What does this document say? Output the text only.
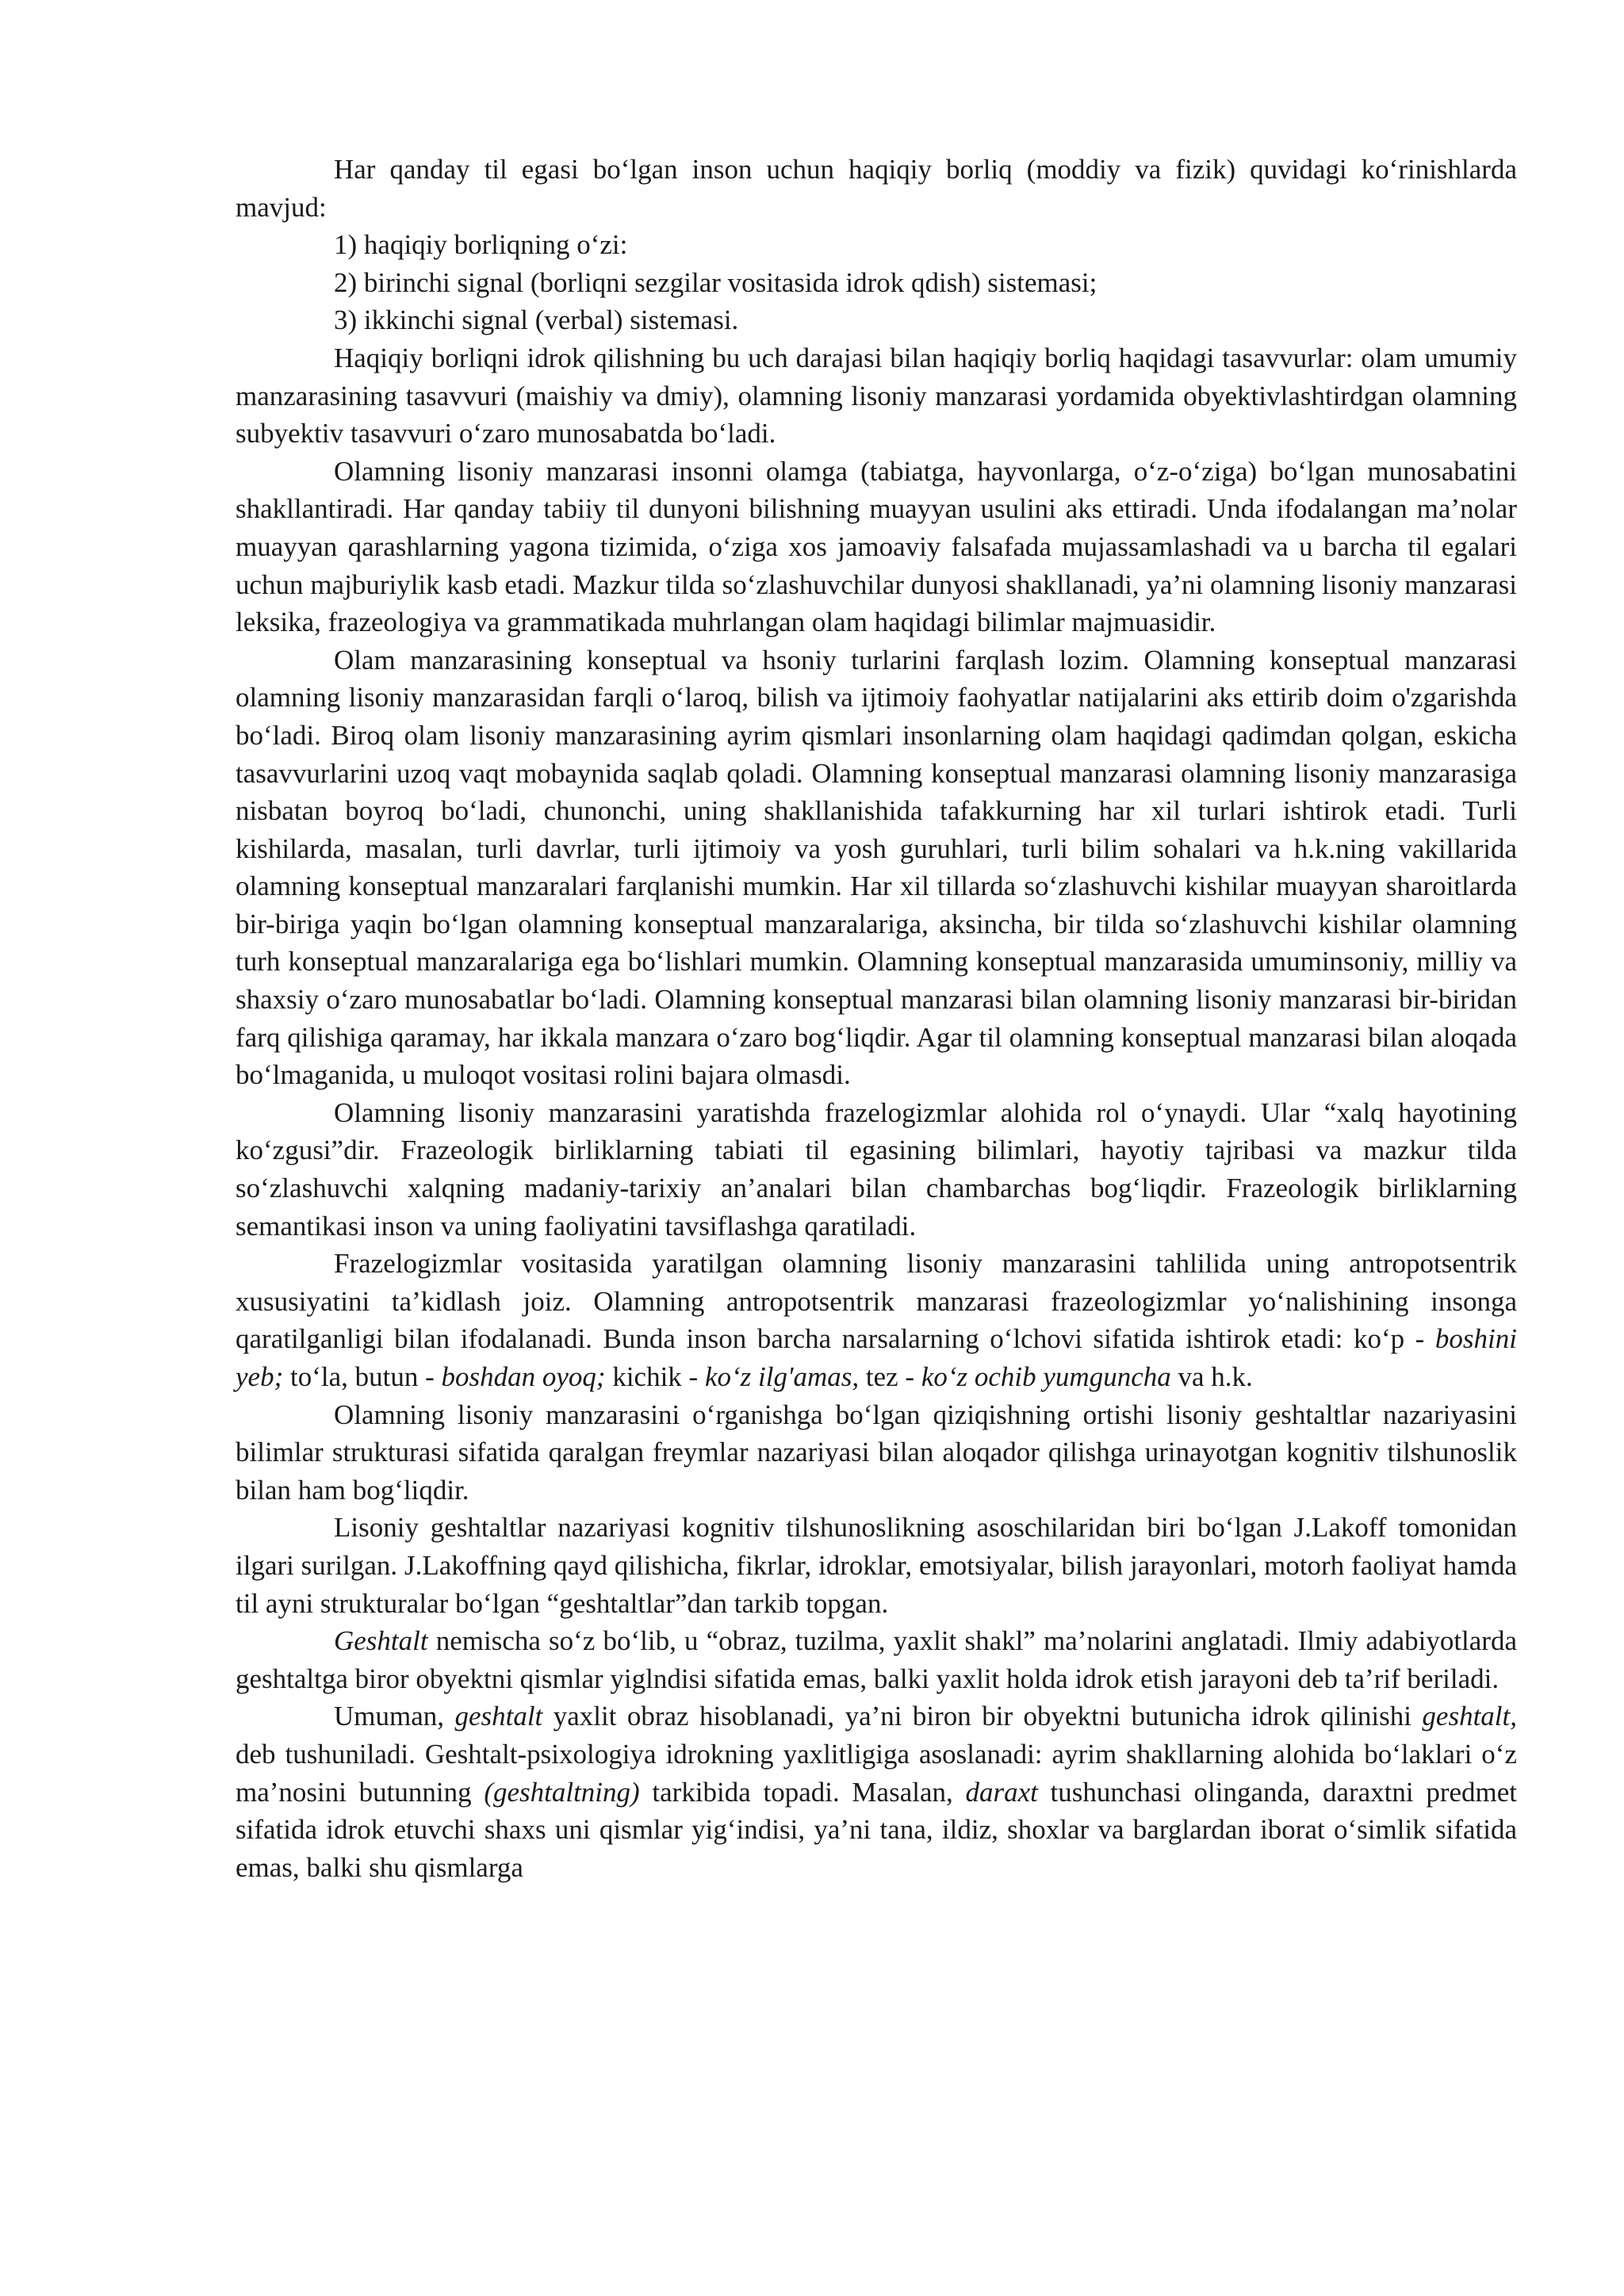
Har qanday til egasi bo‘lgan inson uchun haqiqiy borliq (moddiy va fizik) quvidagi ko‘rinishlarda mavjud:

1) haqiqiy borliqning o‘zi:

2) birinchi signal (borliqni sezgilar vositasida idrok qdish) sistemasi;

3) ikkinchi signal (verbal) sistemasi.

Haqiqiy borliqni idrok qilishning bu uch darajasi bilan haqiqiy borliq haqidagi tasavvurlar: olam umumiy manzarasining tasavvuri (maishiy va dmiy), olamning lisoniy manzarasi yordamida obyektivlashtirdgan olamning subyektiv tasavvuri o‘zaro munosabatda bo‘ladi.

Olamning lisoniy manzarasi insonni olamga (tabiatga, hayvonlarga, o‘z-o‘ziga) bo‘lgan munosabatini shakllantiradi. Har qanday tabiiy til dunyoni bilishning muayyan usulini aks ettiradi. Unda ifodalangan ma’nolar muayyan qarashlarning yagona tizimida, o‘ziga xos jamoaviy falsafada mujassamlashadi va u barcha til egalari uchun majburiylik kasb etadi. Mazkur tilda so‘zlashuvchilar dunyosi shakllanadi, ya’ni olamning lisoniy manzarasi leksika, frazeologiya va grammatikada muhrlangan olam haqidagi bilimlar majmuasidir.

Olam manzarasining konseptual va hsoniy turlarini farqlash lozim. Olamning konseptual manzarasi olamning lisoniy manzarasidan farqli o‘laroq, bilish va ijtimoiy faohyatlar natijalarini aks ettirib doim o'zgarishda bo‘ladi. Biroq olam lisoniy manzarasining ayrim qismlari insonlarning olam haqidagi qadimdan qolgan, eskicha tasavvurlarini uzoq vaqt mobaynida saqlab qoladi. Olamning konseptual manzarasi olamning lisoniy manzarasiga nisbatan boyroq bo‘ladi, chunonchi, uning shakllanishida tafakkurning har xil turlari ishtirok etadi. Turli kishilarda, masalan, turli davrlar, turli ijtimoiy va yosh guruhlari, turli bilim sohalari va h.k.ning vakillarida olamning konseptual manzaralari farqlanishi mumkin. Har xil tillarda so‘zlashuvchi kishilar muayyan sharoitlarda bir-biriga yaqin bo‘lgan olamning konseptual manzaralariga, aksincha, bir tilda so‘zlashuvchi kishilar olamning turh konseptual manzaralariga ega bo‘lishlari mumkin. Olamning konseptual manzarasida umuminsoniy, milliy va shaxsiy o‘zaro munosabatlar bo‘ladi. Olamning konseptual manzarasi bilan olamning lisoniy manzarasi bir-biridan farq qilishiga qaramay, har ikkala manzara o‘zaro bog‘liqdir. Agar til olamning konseptual manzarasi bilan aloqada bo‘lmaganida, u muloqot vositasi rolini bajara olmasdi.

Olamning lisoniy manzarasini yaratishda frazelogizmlar alohida rol o‘ynaydi. Ular “xalq hayotining ko‘zgusi”dir. Frazeologik birliklarning tabiati til egasining bilimlari, hayotiy tajribasi va mazkur tilda so‘zlashuvchi xalqning madaniy-tarixiy an’analari bilan chambarchas bog‘liqdir. Frazeologik birliklarning semantikasi inson va uning faoliyatini tavsiflashga qaratiladi.

Frazelogizmlar vositasida yaratilgan olamning lisoniy manzarasini tahlilida uning antropotsentrik xususiyatini ta’kidlash joiz. Olamning antropotsentrik manzarasi frazeologizmlar yo‘nalishining insonga qaratilganligi bilan ifodalanadi. Bunda inson barcha narsalarning o‘lchovi sifatida ishtirok etadi: ko‘p - boshini yeb; to‘la, butun - boshdan oyoq; kichik - ko‘z ilg'amas, tez - ko‘z ochib yumguncha va h.k.

Olamning lisoniy manzarasini o‘rganishga bo‘lgan qiziqishning ortishi lisoniy geshtaltlar nazariyasini bilimlar strukturasi sifatida qaralgan freymlar nazariyasi bilan aloqador qilishga urinayotgan kognitiv tilshunoslik bilan ham bog‘liqdir.

Lisoniy geshtaltlar nazariyasi kognitiv tilshunoslikning asoschilaridan biri bo‘lgan J.Lakoff tomonidan ilgari surilgan. J.Lakoffning qayd qilishicha, fikrlar, idroklar, emotsiyalar, bilish jarayonlari, motorh faoliyat hamda til ayni strukturalar bo‘lgan “geshtaltlar”dan tarkib topgan.

Geshtalt nemischa so‘z bo‘lib, u “obraz, tuzilma, yaxlit shakl” ma’nolarini anglatadi. Ilmiy adabiyotlarda geshtaltga biror obyektni qismlar yiglndisi sifatida emas, balki yaxlit holda idrok etish jarayoni deb ta’rif beriladi.

Umuman, geshtalt yaxlit obraz hisoblanadi, ya’ni biron bir obyektni butunicha idrok qilinishi geshtalt, deb tushuniladi. Geshtalt-psixologiya idrokning yaxlitligiga asoslanadi: ayrim shakllarning alohida bo‘laklari o‘z ma’nosini butunning (geshtaltning) tarkibida topadi. Masalan, daraxt tushunchasi olinganda, daraxtni predmet sifatida idrok etuvchi shaxs uni qismlar yig‘indisi, ya’ni tana, ildiz, shoxlar va barglardan iborat o‘simlik sifatida emas, balki shu qismlarga
